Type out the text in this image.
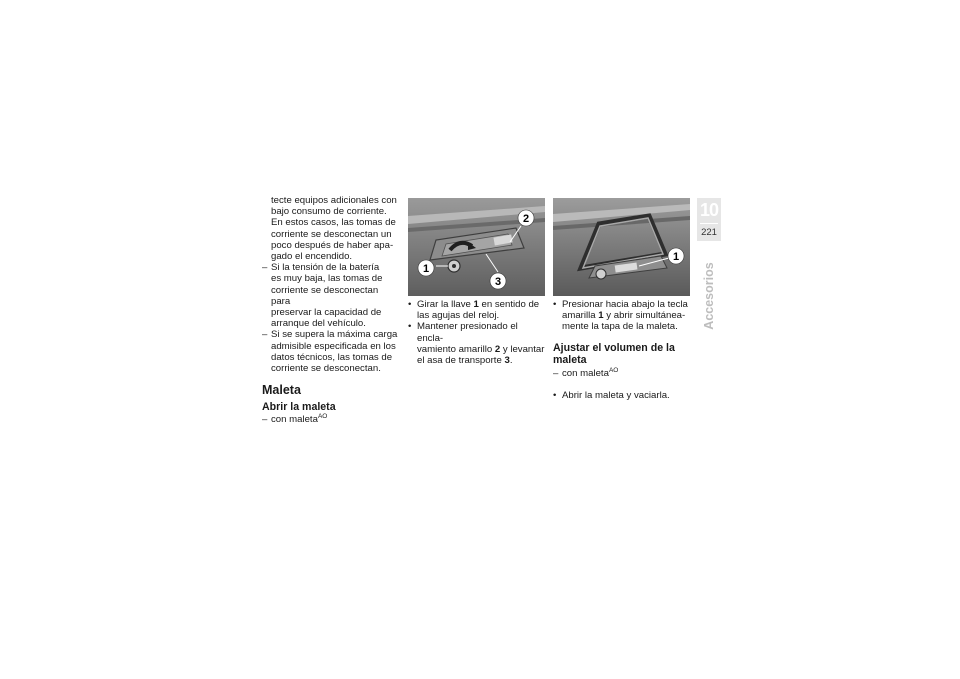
tecte equipos adicionales con
bajo consumo de corriente.
En estos casos, las tomas de
corriente se desconectan un
poco después de haber apa-
gado el encendido.
– Si la tensión de la batería
es muy baja, las tomas de
corriente se desconectan para
preservar la capacidad de
arranque del vehículo.
– Si se supera la máxima carga
admisible especificada en los
datos técnicos, las tomas de
corriente se desconectan.
Maleta
Abrir la maleta
– con maleta$^{AO}$
1
2
3
1
• Girar la llave 1 en sentido de
las agujas del reloj.
• Mantener presionado el encla-
vamiento amarillo 2 y levantar
el asa de transporte 3.
• Presionar hacia abajo la tecla
amarilla 1 y abrir simultánea-
mente la tapa de la maleta.
Ajustar el volumen de la
maleta
– con maleta$^{AO}$
• Abrir la maleta y vaciarla.
10
221
Accesorios
